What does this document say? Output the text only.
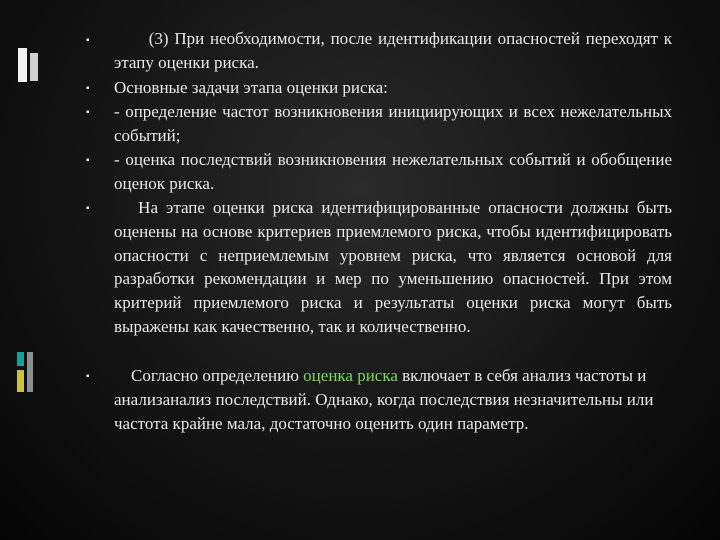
▪
(3) При необходимости, после идентификации опасностей переходят к этапу оценки риска.
▪
Основные задачи этапа оценки риска:
▪
- определение частот возникновения инициирующих и всех нежелательных событий;
▪
- оценка последствий возникновения нежелательных событий и обобщение оценок риска.
▪
На этапе оценки риска идентифицированные опасности должны быть оценены на основе критериев приемлемого риска, чтобы идентифицировать опасности с неприемлемым уровнем риска, что является основой для разработки рекомендации и мер по уменьшению опасностей. При этом критерий приемлемого риска и результаты оценки риска могут быть выражены как качественно, так и количественно.
▪
Согласно определению оценка риска включает в себя анализ частоты и анализанализ последствий. Однако, когда последствия незначительны или частота крайне мала, достаточно оценить один параметр.
